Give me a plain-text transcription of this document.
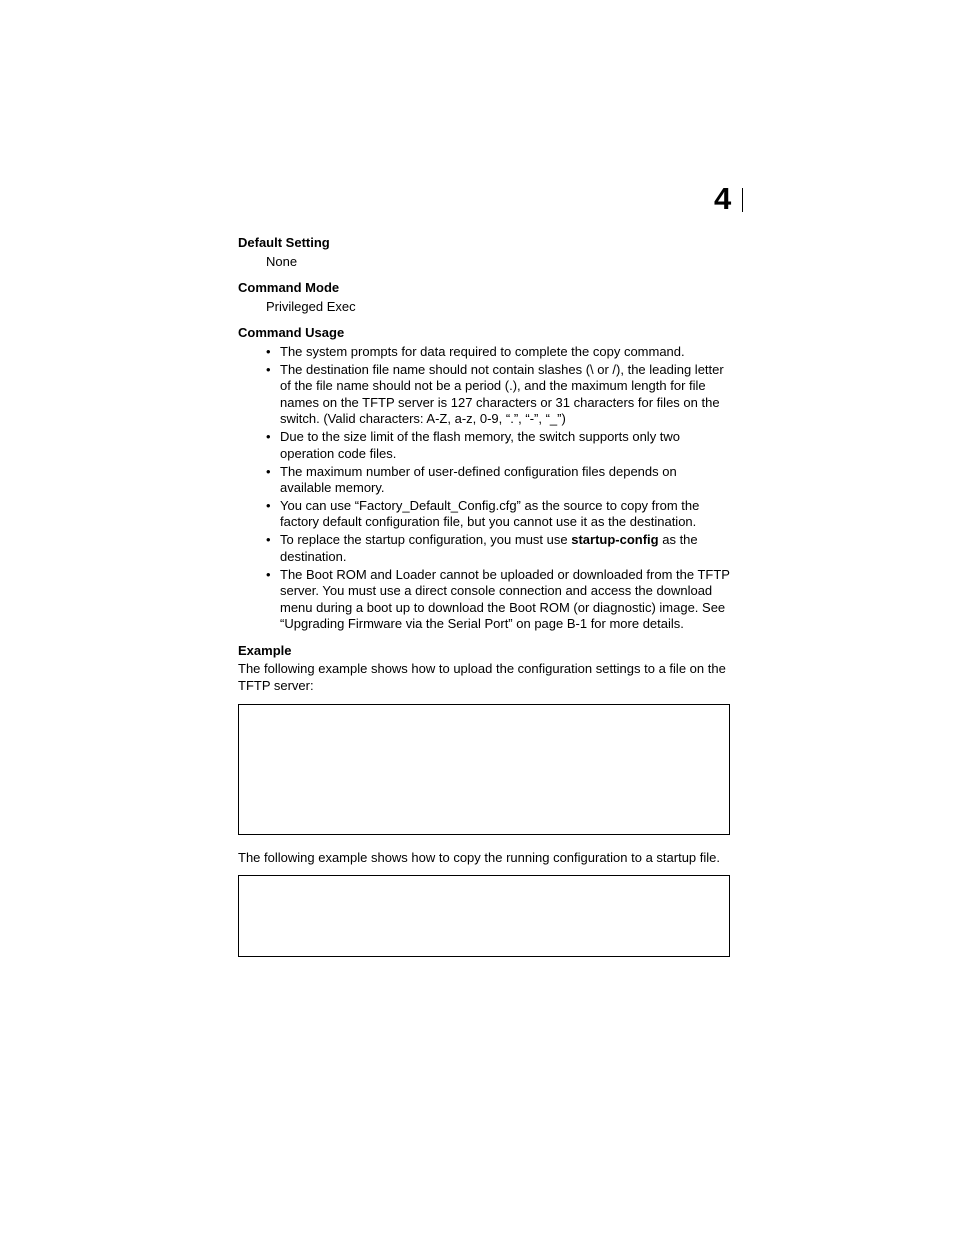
4

Default Setting

None

Command Mode

Privileged Exec

Command Usage

• The system prompts for data required to complete the copy command.
• The destination file name should not contain slashes (\ or /), the leading letter of the file name should not be a period (.), and the maximum length for file names on the TFTP server is 127 characters or 31 characters for files on the switch. (Valid characters: A-Z, a-z, 0-9, “.”, “-”, “_”)
• Due to the size limit of the flash memory, the switch supports only two operation code files.
• The maximum number of user-defined configuration files depends on available memory.
• You can use “Factory_Default_Config.cfg” as the source to copy from the factory default configuration file, but you cannot use it as the destination.
• To replace the startup configuration, you must use startup-config as the destination.
• The Boot ROM and Loader cannot be uploaded or downloaded from the TFTP server. You must use a direct console connection and access the download menu during a boot up to download the Boot ROM (or diagnostic) image. See “Upgrading Firmware via the Serial Port” on page B-1 for more details.

Example

The following example shows how to upload the configuration settings to a file on the TFTP server:

The following example shows how to copy the running configuration to a startup file.
